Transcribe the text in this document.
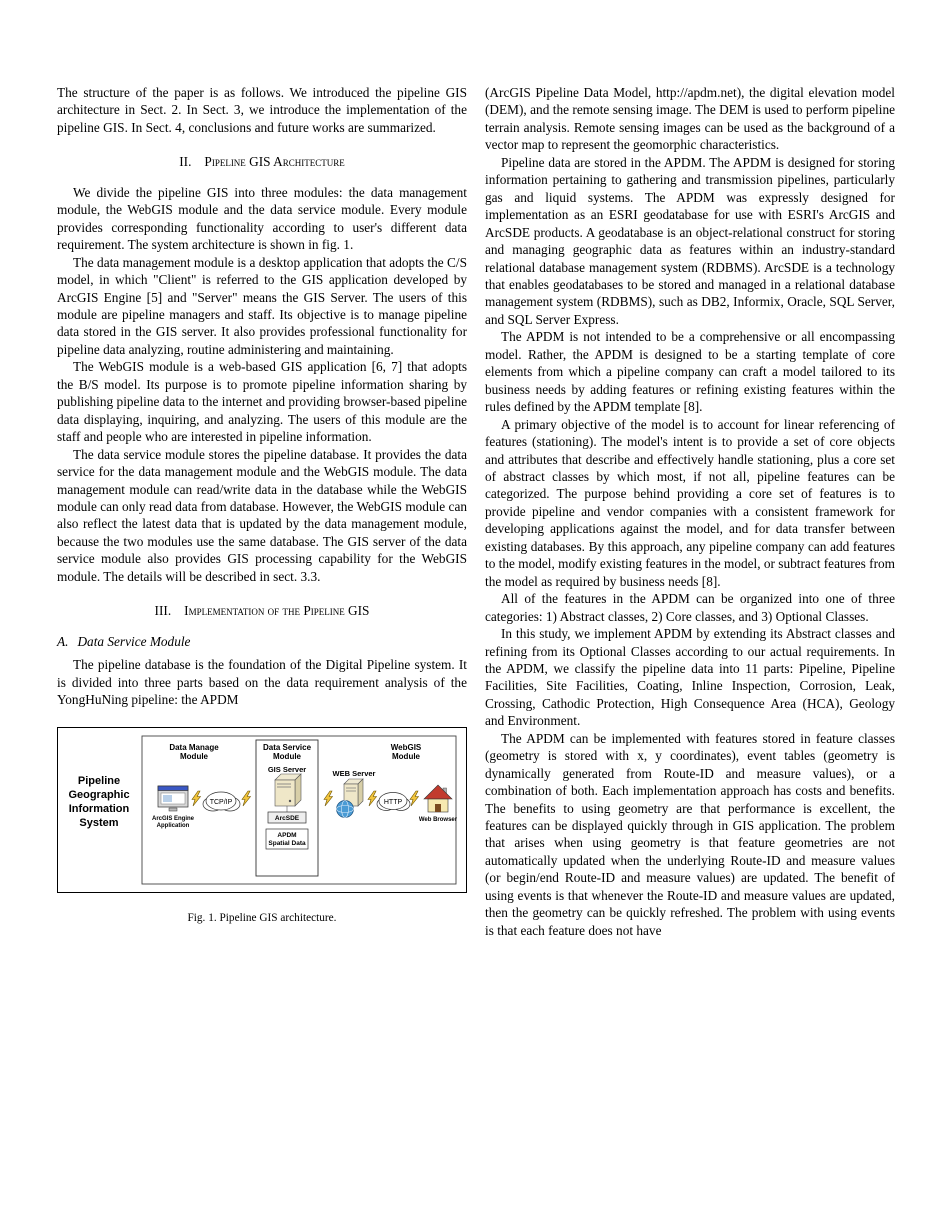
The structure of the paper is as follows. We introduced the pipeline GIS architecture in Sect. 2. In Sect. 3, we introduce the implementation of the pipeline GIS. In Sect. 4, conclusions and future works are summarized.

II. Pipeline GIS Architecture

We divide the pipeline GIS into three modules: the data management module, the WebGIS module and the data service module. Every module provides corresponding functionality according to user's different data requirement. The system architecture is shown in fig. 1.

The data management module is a desktop application that adopts the C/S model, in which "Client" is referred to the GIS application developed by ArcGIS Engine [5] and "Server" means the GIS Server. The users of this module are pipeline managers and staff. Its objective is to manage pipeline data stored in the GIS server. It also provides professional functionality for pipeline data analyzing, routine administering and maintaining.

The WebGIS module is a web-based GIS application [6, 7] that adopts the B/S model. Its purpose is to promote pipeline information sharing by publishing pipeline data to the internet and providing browser-based pipeline data displaying, inquiring, and analyzing. The users of this module are the staff and people who are interested in pipeline information.

The data service module stores the pipeline database. It provides the data service for the data management module and the WebGIS module. The data management module can read/write data in the database while the WebGIS module can only read data from database. However, the WebGIS module can also reflect the latest data that is updated by the data management module, because the two modules use the same database. The GIS server of the data service module also provides GIS processing capability for the WebGIS module. The details will be described in sect. 3.3.

III. Implementation of the Pipeline GIS
A. Data Service Module

The pipeline database is the foundation of the Digital Pipeline system. It is divided into three parts based on the data requirement analysis of the YongHuNing pipeline: the APDM

Pipeline
Geographic
Information
System
Data Manage
Module
Data Service
Module
WebGIS
Module
ArcGIS Engine
Application
TCP/IP
GIS Server
ArcSDE
APDM
Spatial Data
WEB Server
HTTP
Web Browser
Fig. 1. Pipeline GIS architecture.

(ArcGIS Pipeline Data Model, http://apdm.net), the digital elevation model (DEM), and the remote sensing image. The DEM is used to perform pipeline terrain analysis. Remote sensing images can be used as the background of a vector map to represent the geomorphic characteristics.

Pipeline data are stored in the APDM. The APDM is designed for storing information pertaining to gathering and transmission pipelines, particularly gas and liquid systems. The APDM was expressly designed for implementation as an ESRI geodatabase for use with ESRI's ArcGIS and ArcSDE products. A geodatabase is an object-relational construct for storing and managing geographic data as features within an industry-standard relational database management system (RDBMS). ArcSDE is a technology that enables geodatabases to be stored and managed in a relational database management system (RDBMS), such as DB2, Informix, Oracle, SQL Server, and SQL Server Express.

The APDM is not intended to be a comprehensive or all encompassing model. Rather, the APDM is designed to be a starting template of core elements from which a pipeline company can craft a model tailored to its business needs by adding features or refining existing features within the rules defined by the APDM template [8].

A primary objective of the model is to account for linear referencing of features (stationing). The model's intent is to provide a set of core objects and attributes that describe and effectively handle stationing, plus a core set of abstract classes by which most, if not all, pipeline features can be categorized. The purpose behind providing a core set of features is to provide pipeline and vendor companies with a consistent framework for developing applications against the model, and for data transfer between existing databases. By this approach, any pipeline company can add features to the model, modify existing features in the model, or subtract features from the model as required by business needs [8].

All of the features in the APDM can be organized into one of three categories: 1) Abstract classes, 2) Core classes, and 3) Optional Classes.

In this study, we implement APDM by extending its Abstract classes and refining from its Optional Classes according to our actual requirements. In the APDM, we classify the pipeline data into 11 parts: Pipeline, Pipeline Facilities, Site Facilities, Coating, Inline Inspection, Corrosion, Leak, Crossing, Cathodic Protection, High Consequence Area (HCA), Geology and Environment.

The APDM can be implemented with features stored in feature classes (geometry is stored with x, y coordinates), event tables (geometry is dynamically generated from Route-ID and measure values), or a combination of both. Each implementation approach has costs and benefits. The benefits to using geometry are that performance is excellent, the features can be displayed quickly through in GIS application. The problem that arises when using geometry is that feature geometries are not automatically updated when the underlying Route-ID and measure values (or begin/end Route-ID and measure values) are updated. The benefit of using events is that whenever the Route-ID and measure values are updated, then the geometry can be quickly refreshed. The problem with using events is that each feature does not have
